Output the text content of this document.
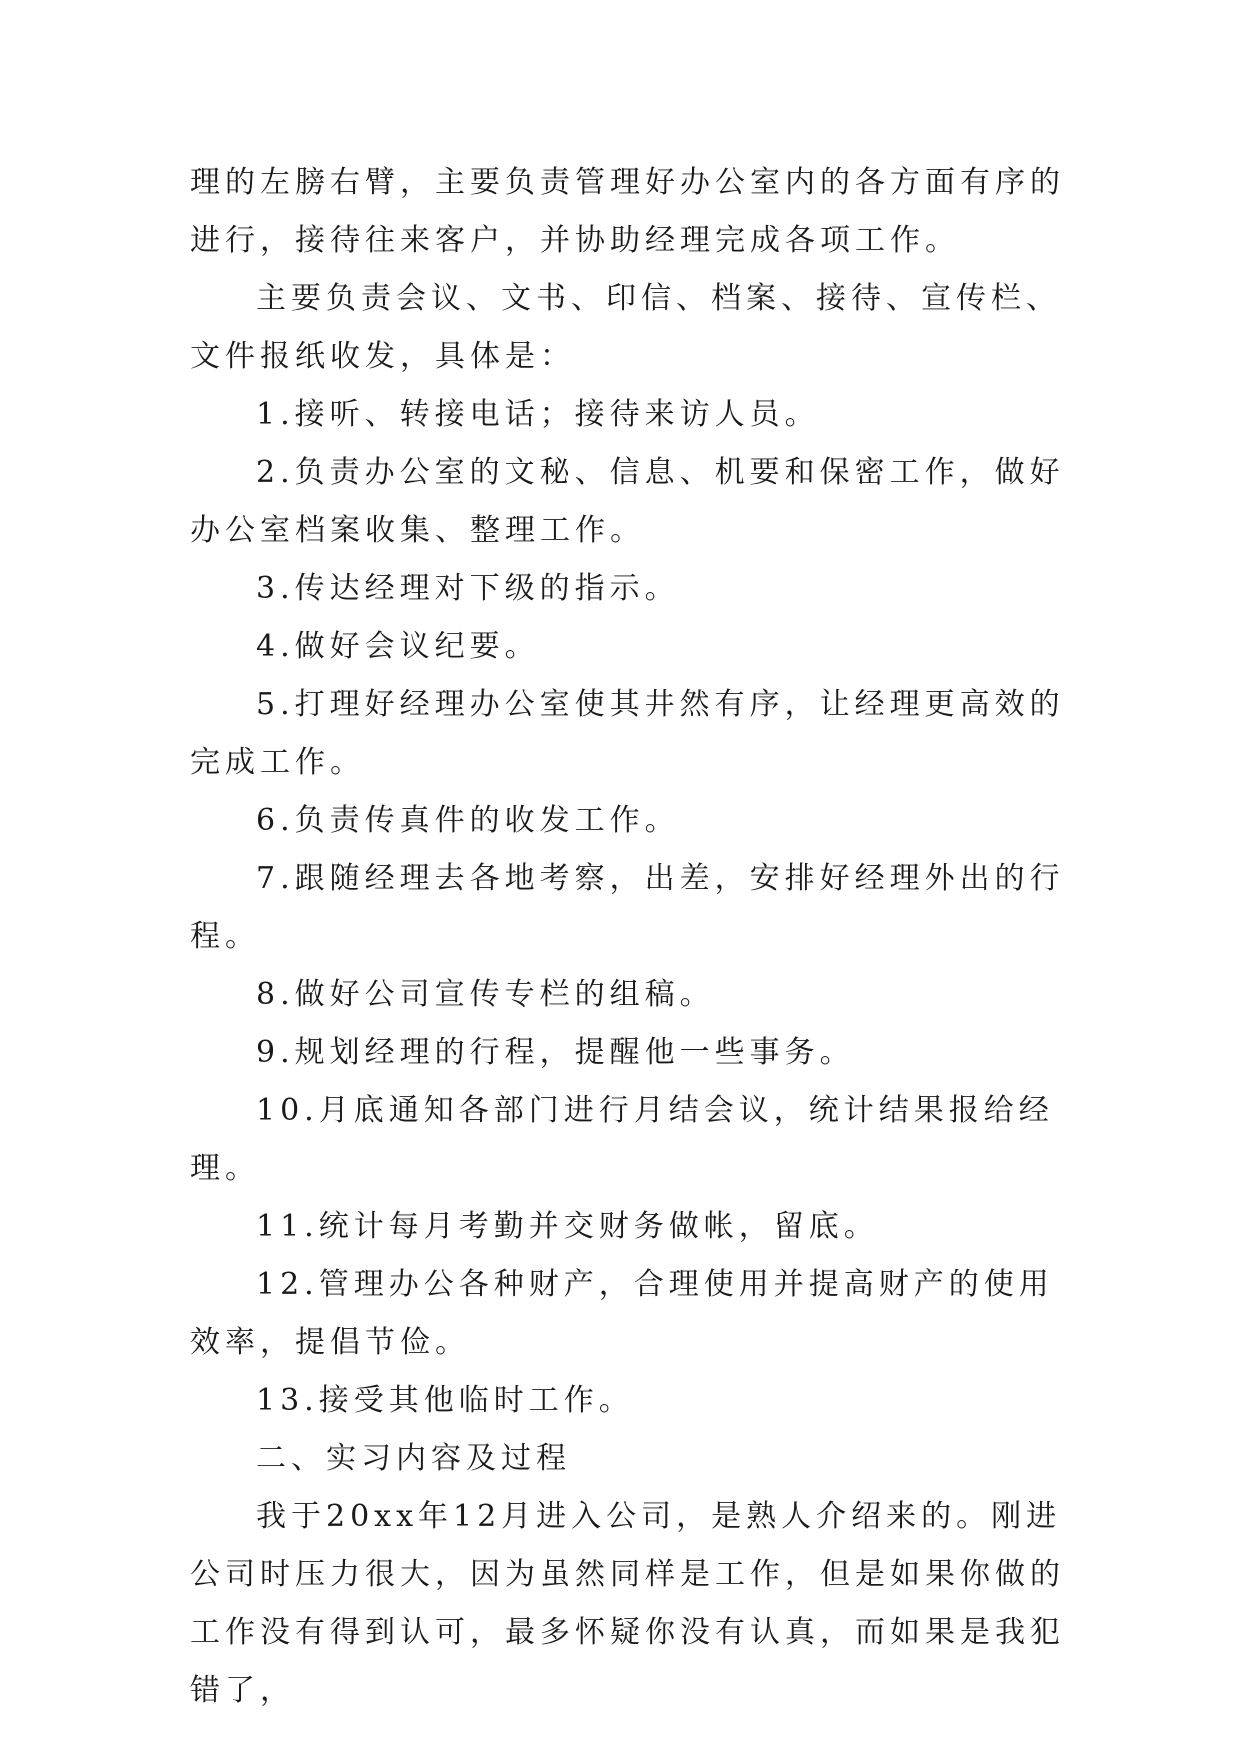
理的左膀右臂，主要负责管理好办公室内的各方面有序的进行，接待往来客户，并协助经理完成各项工作。

主要负责会议、文书、印信、档案、接待、宣传栏、文件报纸收发，具体是：

1.接听、转接电话；接待来访人员。

2.负责办公室的文秘、信息、机要和保密工作，做好办公室档案收集、整理工作。

3.传达经理对下级的指示。

4.做好会议纪要。

5.打理好经理办公室使其井然有序，让经理更高效的完成工作。

6.负责传真件的收发工作。

7.跟随经理去各地考察，出差，安排好经理外出的行程。

8.做好公司宣传专栏的组稿。

9.规划经理的行程，提醒他一些事务。

10.月底通知各部门进行月结会议，统计结果报给经理。

11.统计每月考勤并交财务做帐，留底。

12.管理办公各种财产，合理使用并提高财产的使用效率，提倡节俭。

13.接受其他临时工作。

二、实习内容及过程

我于20xx年12月进入公司，是熟人介绍来的。刚进公司时压力很大，因为虽然同样是工作，但是如果你做的工作没有得到认可，最多怀疑你没有认真，而如果是我犯错了，
